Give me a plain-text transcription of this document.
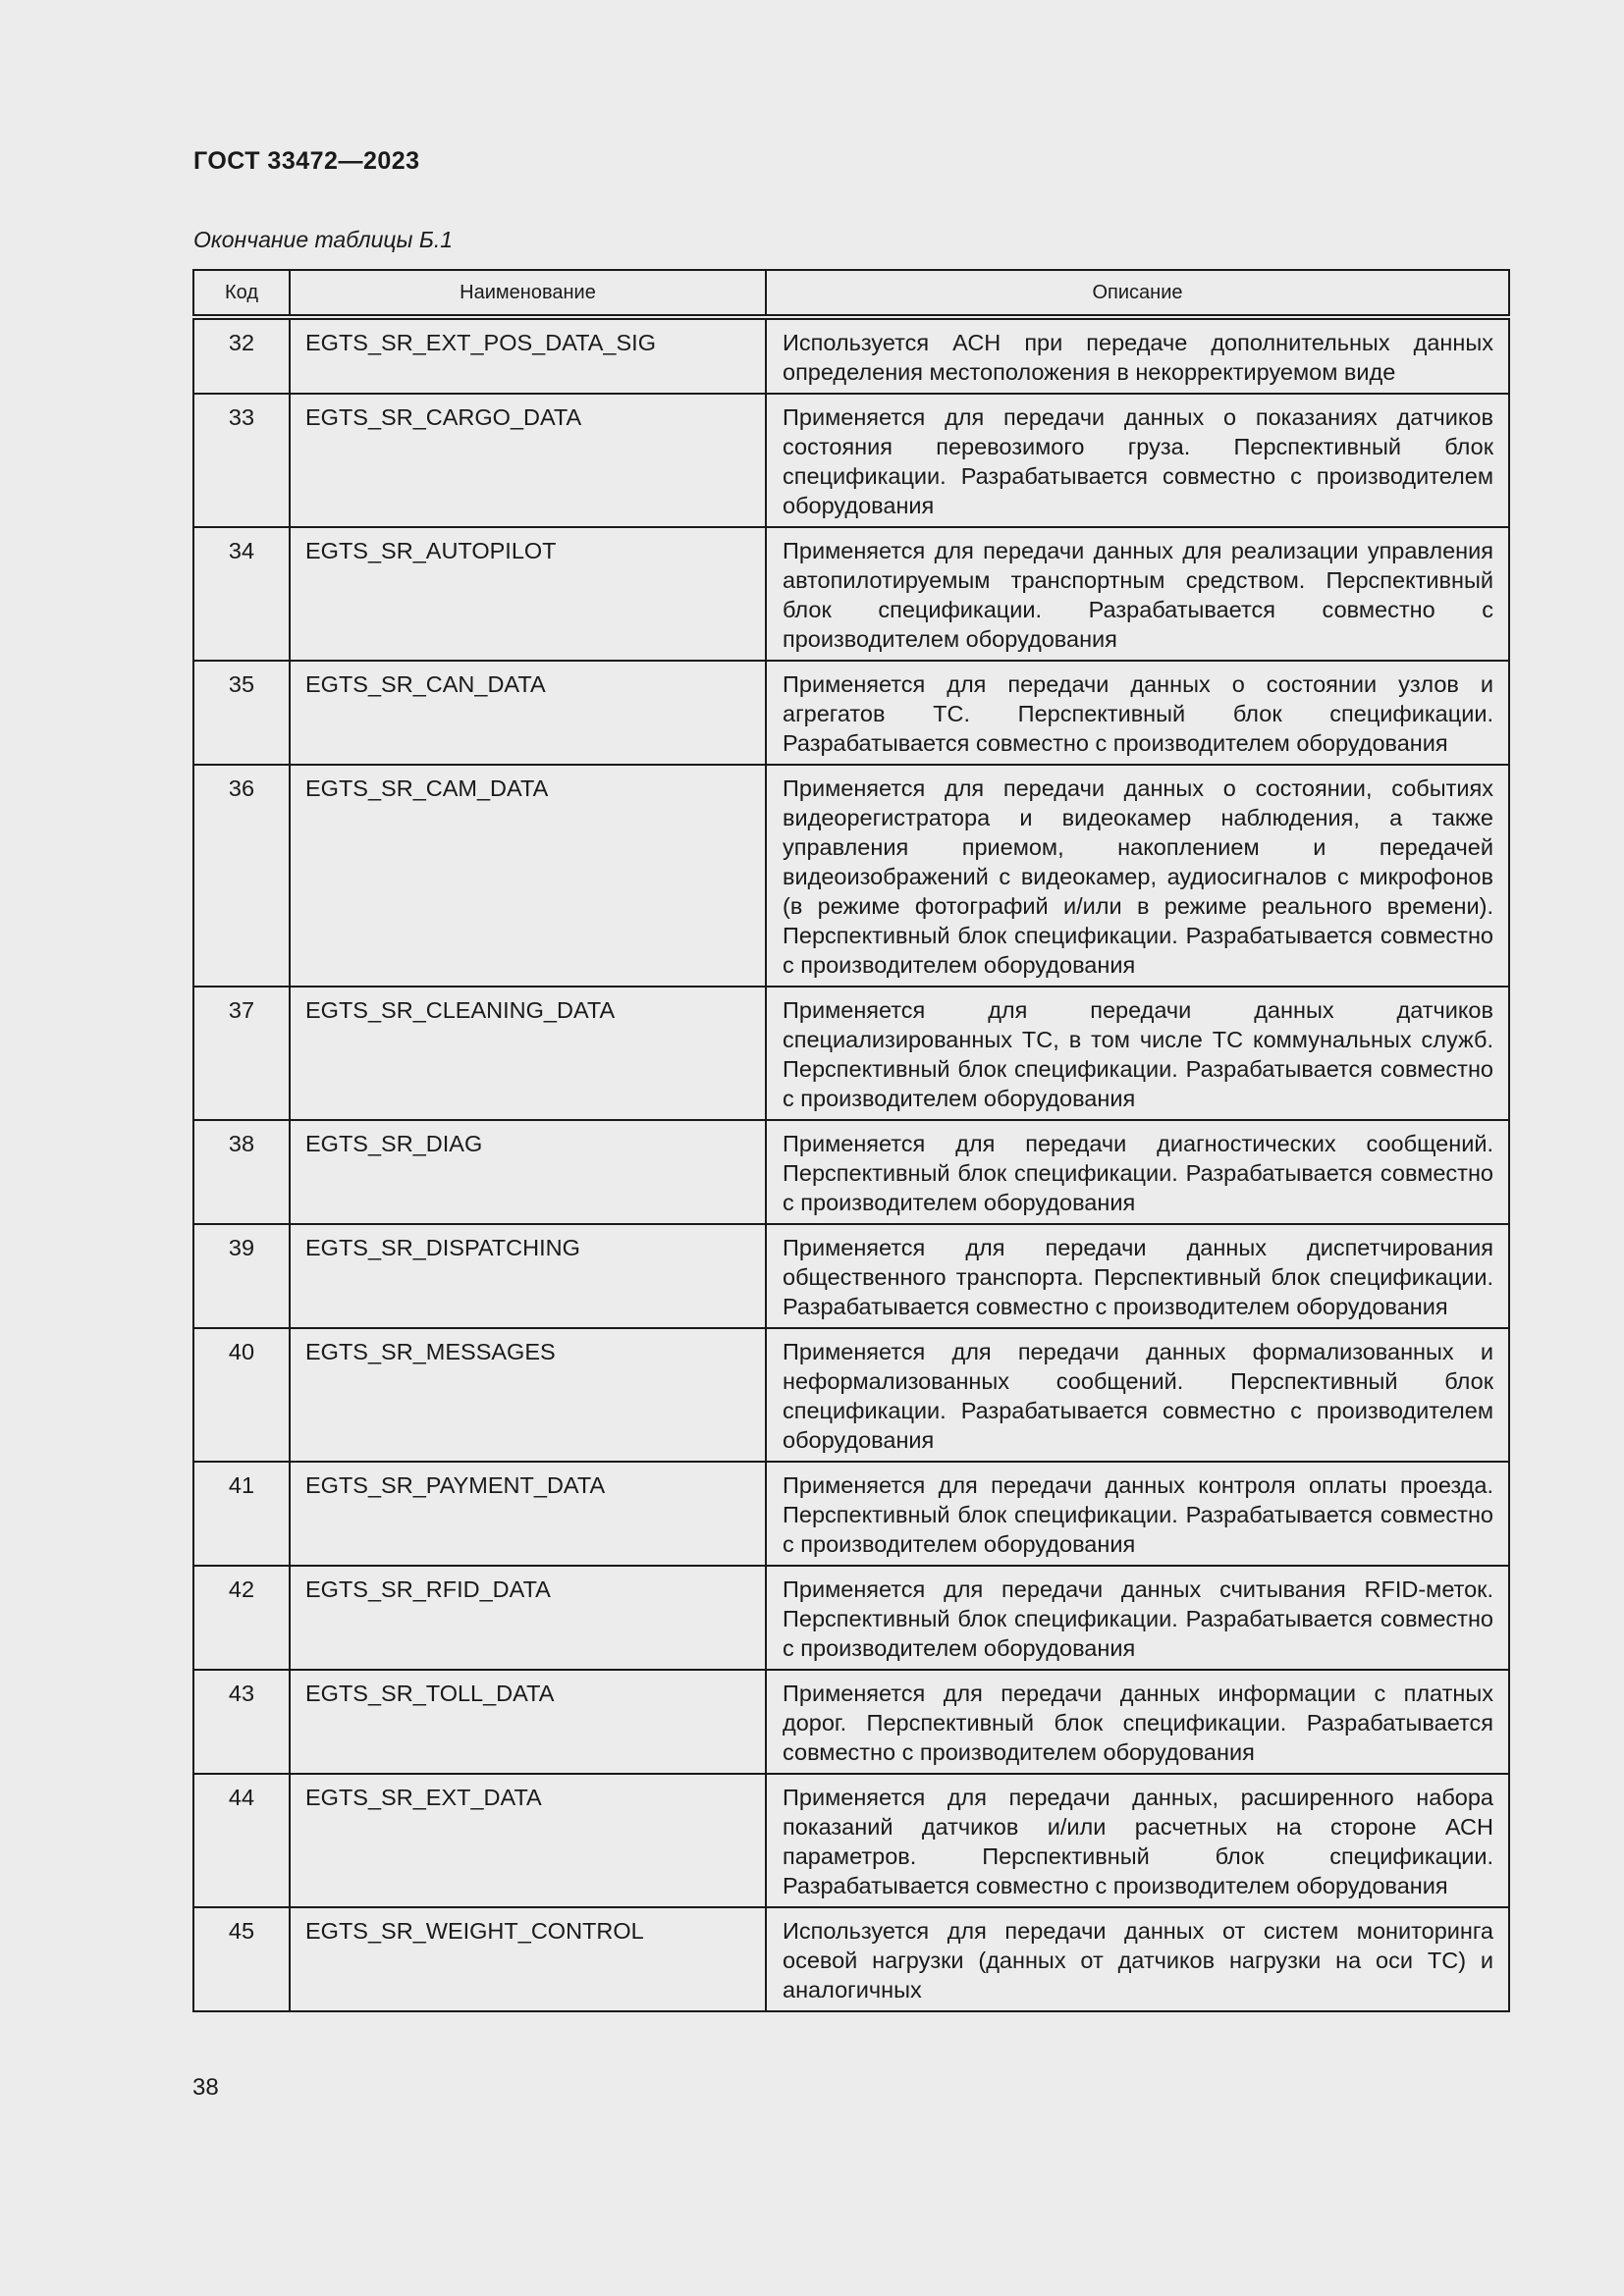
ГОСТ 33472—2023
Окончание таблицы Б.1
Код	Наименование	Описание
32	EGTS_SR_EXT_POS_DATA_SIG	Используется АСН при передаче дополнительных данных определения местоположения в некорректируемом виде
33	EGTS_SR_CARGO_DATA	Применяется для передачи данных о показаниях датчиков состояния перевозимого груза. Перспективный блок спецификации. Разрабатывается совместно с производителем оборудования
34	EGTS_SR_AUTOPILOT	Применяется для передачи данных для реализации управления автопилотируемым транспортным средством. Перспективный блок спецификации. Разрабатывается совместно с производителем оборудования
35	EGTS_SR_CAN_DATA	Применяется для передачи данных о состоянии узлов и агрегатов ТС. Перспективный блок спецификации. Разрабатывается совместно с производителем оборудования
36	EGTS_SR_CAM_DATA	Применяется для передачи данных о состоянии, событиях видеорегистратора и видеокамер наблюдения, а также управления приемом, накоплением и передачей видеоизображений с видеокамер, аудиосигналов с микрофонов (в режиме фотографий и/или в режиме реального времени). Перспективный блок спецификации. Разрабатывается совместно с производителем оборудования
37	EGTS_SR_CLEANING_DATA	Применяется для передачи данных датчиков специализированных ТС, в том числе ТС коммунальных служб. Перспективный блок спецификации. Разрабатывается совместно с производителем оборудования
38	EGTS_SR_DIAG	Применяется для передачи диагностических сообщений. Перспективный блок спецификации. Разрабатывается совместно с производителем оборудования
39	EGTS_SR_DISPATCHING	Применяется для передачи данных диспетчирования общественного транспорта. Перспективный блок спецификации. Разрабатывается совместно с производителем оборудования
40	EGTS_SR_MESSAGES	Применяется для передачи данных формализованных и неформализованных сообщений. Перспективный блок спецификации. Разрабатывается совместно с производителем оборудования
41	EGTS_SR_PAYMENT_DATA	Применяется для передачи данных контроля оплаты проезда. Перспективный блок спецификации. Разрабатывается совместно с производителем оборудования
42	EGTS_SR_RFID_DATA	Применяется для передачи данных считывания RFID-меток. Перспективный блок спецификации. Разрабатывается совместно с производителем оборудования
43	EGTS_SR_TOLL_DATA	Применяется для передачи данных информации с платных дорог. Перспективный блок спецификации. Разрабатывается совместно с производителем оборудования
44	EGTS_SR_EXT_DATA	Применяется для передачи данных, расширенного набора показаний датчиков и/или расчетных на стороне АСН параметров. Перспективный блок спецификации. Разрабатывается совместно с производителем оборудования
45	EGTS_SR_WEIGHT_CONTROL	Используется для передачи данных от систем мониторинга осевой нагрузки (данных от датчиков нагрузки на оси ТС) и аналогичных
38
